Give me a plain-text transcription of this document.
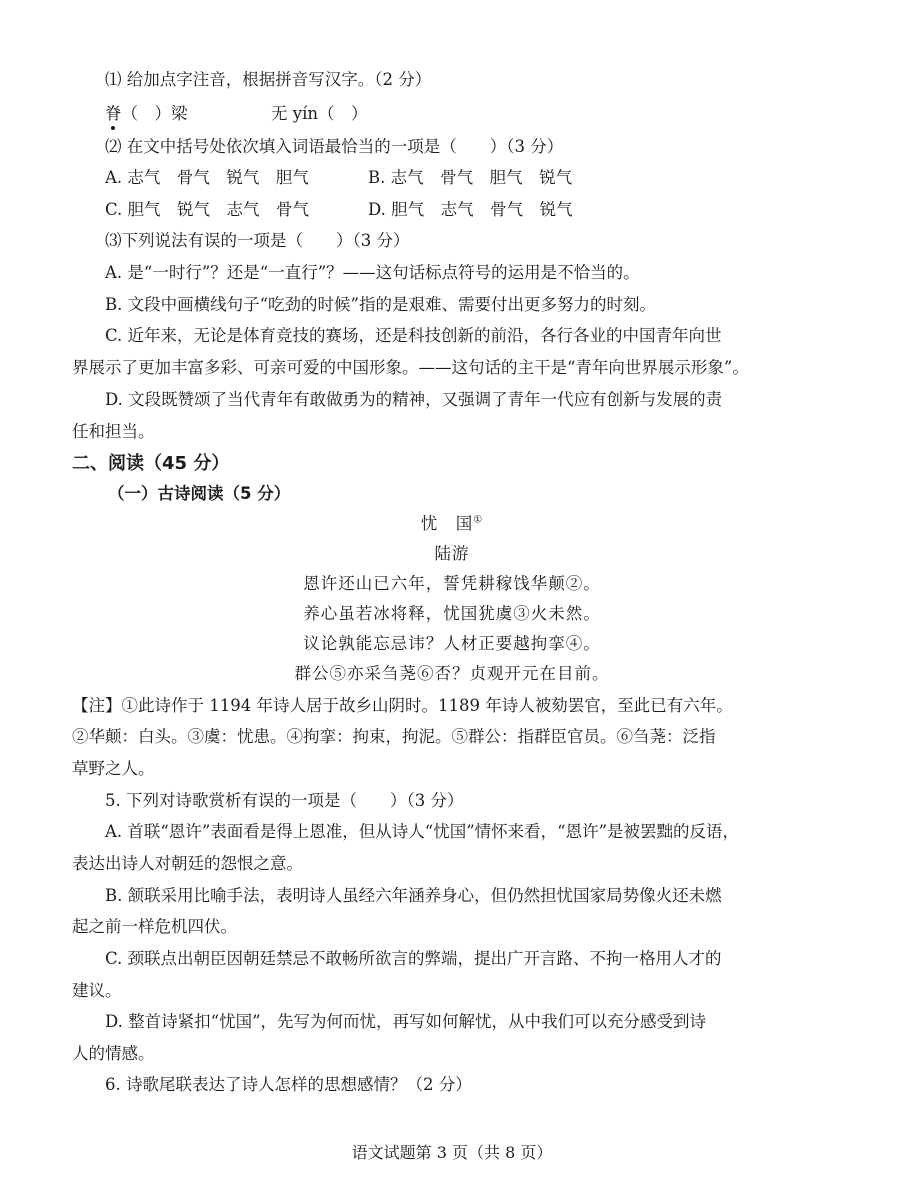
⑴ 给加点字注音，根据拼音写汉字。（2 分）
脊（　）梁	无 yín（　）
⑵ 在文中括号处依次填入词语最恰当的一项是（　　）（3 分）
A. 志气　骨气　锐气　胆气	B. 志气　骨气　胆气　锐气
C. 胆气　锐气　志气　骨气	D. 胆气　志气　骨气　锐气
⑶下列说法有误的一项是（　　）（3 分）
A. 是“一时行”？还是“一直行”？——这句话标点符号的运用是不恰当的。
B. 文段中画横线句子“吃劲的时候”指的是艰难、需要付出更多努力的时刻。
C. 近年来，无论是体育竞技的赛场，还是科技创新的前沿，各行各业的中国青年向世
界展示了更加丰富多彩、可亲可爱的中国形象。——这句话的主干是“青年向世界展示形象”。
D. 文段既赞颂了当代青年有敢做勇为的精神，又强调了青年一代应有创新与发展的责
任和担当。
二、阅读（45 分）
（一）古诗阅读（5 分）
忧　国①
陆游
恩许还山已六年，誓凭耕稼饯华颠②。
养心虽若冰将释，忧国犹虞③火未然。
议论孰能忘忌讳？人材正要越拘挛④。
群公⑤亦采刍荛⑥否？贞观开元在目前。
【注】①此诗作于 1194 年诗人居于故乡山阴时。1189 年诗人被劾罢官，至此已有六年。
②华颠：白头。③虞：忧患。④拘挛：拘束，拘泥。⑤群公：指群臣官员。⑥刍荛：泛指
草野之人。
5. 下列对诗歌赏析有误的一项是（　　）（3 分）
A. 首联“恩许”表面看是得上恩准，但从诗人“忧国”情怀来看，“恩许”是被罢黜的反语，
表达出诗人对朝廷的怨恨之意。
B. 颔联采用比喻手法，表明诗人虽经六年涵养身心，但仍然担忧国家局势像火还未燃
起之前一样危机四伏。
C. 颈联点出朝臣因朝廷禁忌不敢畅所欲言的弊端，提出广开言路、不拘一格用人才的
建议。
D. 整首诗紧扣“忧国”，先写为何而忧，再写如何解忧，从中我们可以充分感受到诗
人的情感。
6. 诗歌尾联表达了诗人怎样的思想感情？（2 分）
语文试题第 3 页（共 8 页）
